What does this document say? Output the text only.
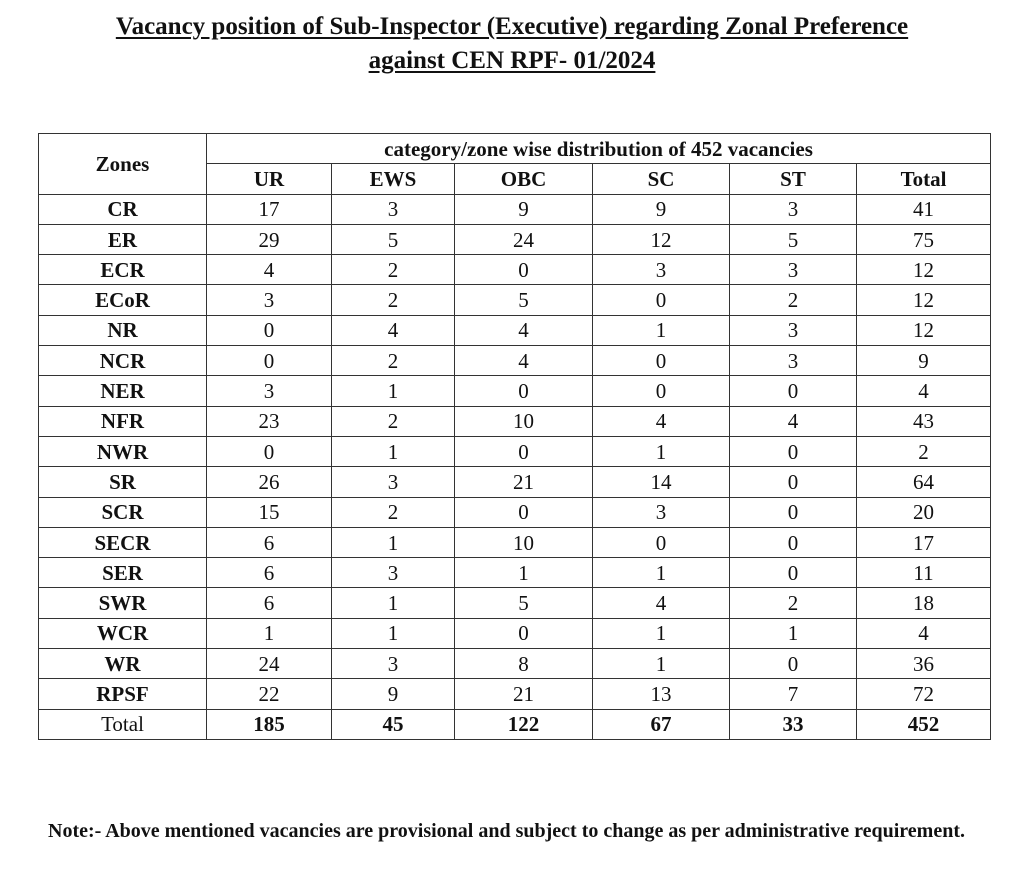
Vacancy position of Sub-Inspector (Executive) regarding Zonal Preference
against CEN RPF- 01/2024
Zones	category/zone wise distribution of 452 vacancies					
	UR	EWS	OBC	SC	ST	Total
CR	17	3	9	9	3	41
ER	29	5	24	12	5	75
ECR	4	2	0	3	3	12
ECoR	3	2	5	0	2	12
NR	0	4	4	1	3	12
NCR	0	2	4	0	3	9
NER	3	1	0	0	0	4
NFR	23	2	10	4	4	43
NWR	0	1	0	1	0	2
SR	26	3	21	14	0	64
SCR	15	2	0	3	0	20
SECR	6	1	10	0	0	17
SER	6	3	1	1	0	11
SWR	6	1	5	4	2	18
WCR	1	1	0	1	1	4
WR	24	3	8	1	0	36
RPSF	22	9	21	13	7	72
Total	185	45	122	67	33	452
Note:- Above mentioned vacancies are provisional and subject to change as per administrative requirement.
